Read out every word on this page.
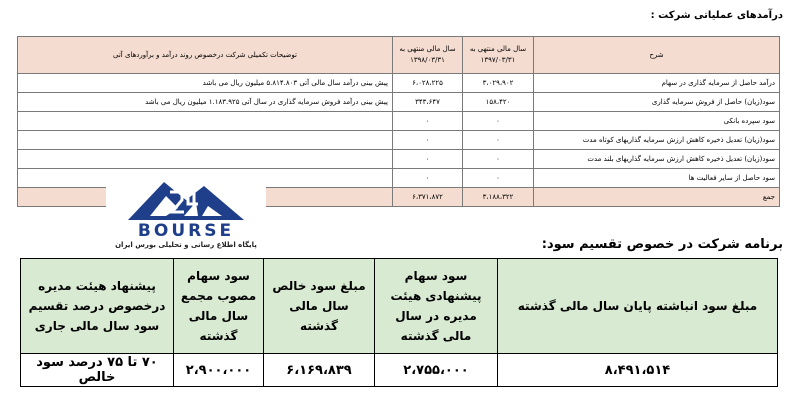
درآمدهای عملیاتی شرکت :
شرح	سال مالی منتهی به ۱۳۹۷/۰۳/۳۱	سال مالی منتهی به ۱۳۹۸/۰۳/۳۱	توضیحات تکمیلی شرکت درخصوص روند درآمد و برآوردهای آتی
درآمد حاصل از سرمایه گذاری در سهام	۳،۰۲۹،۹۰۲	۶،۰۲۸،۲۲۵	پیش بینی درآمد سال مالی آتی ۵.۸۱۴.۸۰۳ میلیون ریال می باشد
سود(زیان) حاصل از فروش سرمایه گذاری	۱۵۸،۴۲۰	۳۴۳،۶۴۷	پیش بینی درآمد فروش سرمایه گذاری در سال آتی ۱.۱۸۳.۹۲۵ میلیون ریال می باشد
سود سپرده بانکی	۰	۰	
سود(زیان) تعدیل ذخیره کاهش ارزش سرمایه گذاریهای کوتاه مدت	۰	۰	
سود(زیان) تعدیل ذخیره کاهش ارزش سرمایه گذاریهای بلند مدت	۰	۰	
سود حاصل از سایر فعالیت ها	۰	۰	
جمع	۳،۱۸۸،۳۲۲	۶،۳۷۱،۸۷۲	
برنامه شرکت در خصوص تقسیم سود:
مبلغ سود انباشته پایان سال مالی گذشته	سود سهام پیشنهادی هیئت مدیره در سال مالی گذشته	مبلغ سود خالص سال مالی گذشته	سود سهام مصوب مجمع سال مالی گذشته	پیشنهاد هیئت مدیره درخصوص درصد تقسیم سود سال مالی جاری
۸،۴۹۱،۵۱۴	۲،۷۵۵،۰۰۰	۶،۱۶۹،۸۳۹	۲،۹۰۰،۰۰۰	۷۰ تا ۷۵ درصد سود خالص
BOURSE
پایگاه اطلاع رسانی و تحلیلی بورس ایران
